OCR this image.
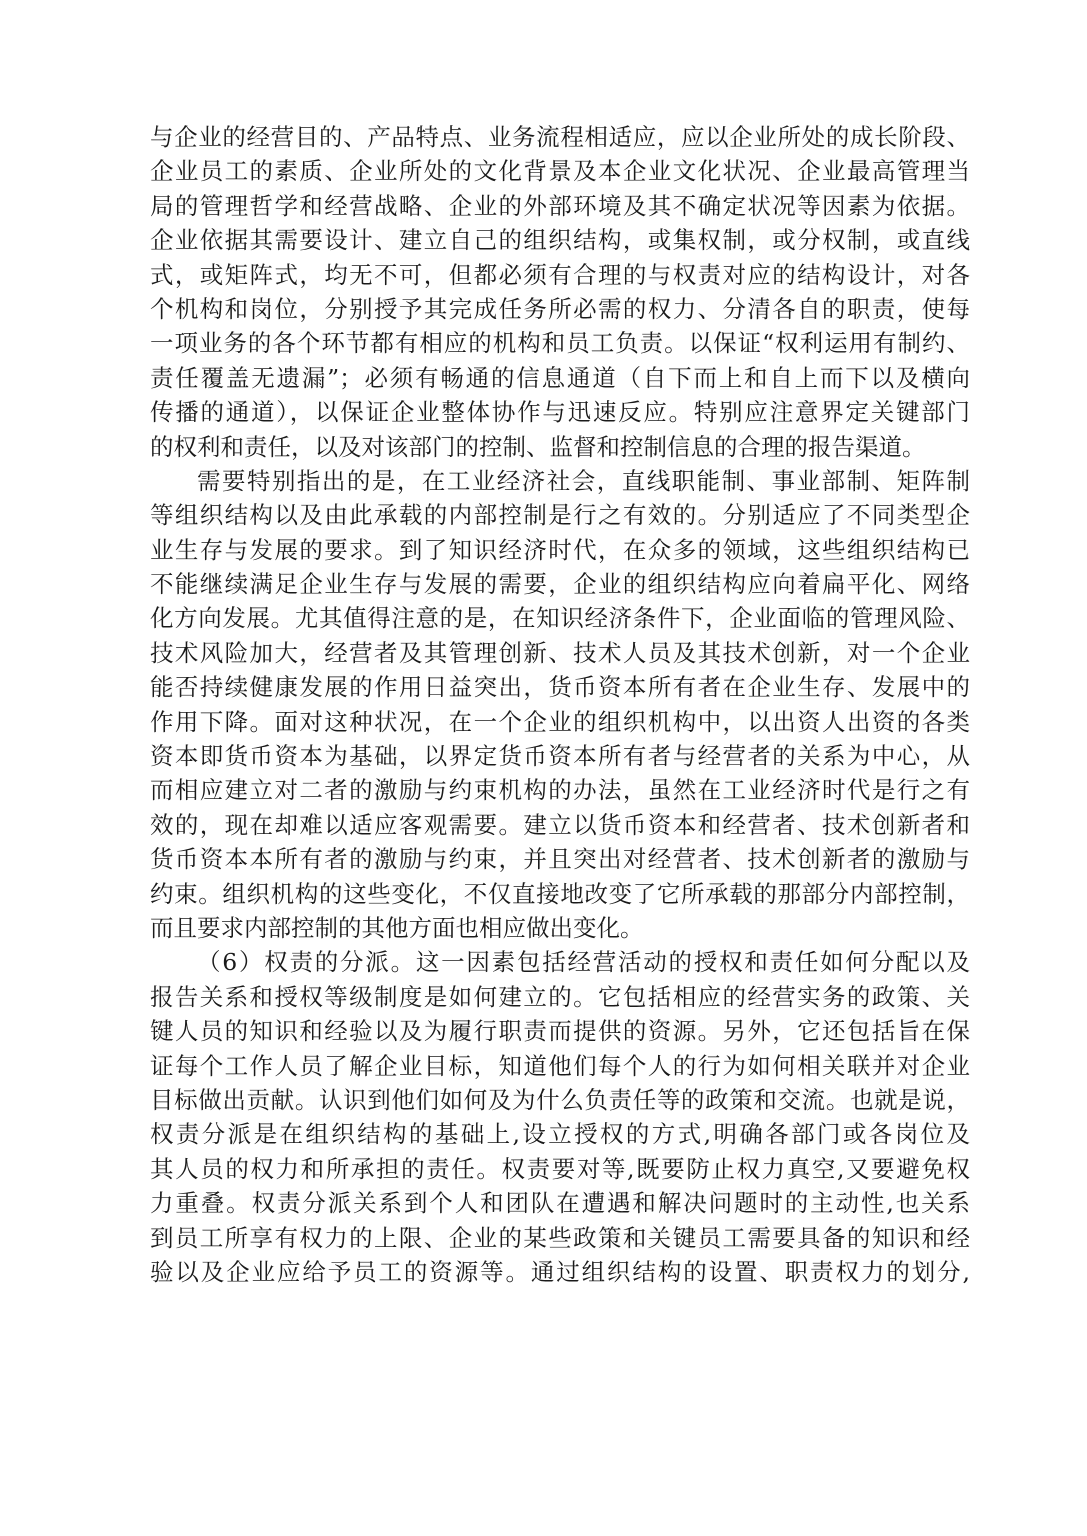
与企业的经营目的、产品特点、业务流程相适应，应以企业所处的成长阶段、
企业员工的素质、企业所处的文化背景及本企业文化状况、企业最高管理当
局的管理哲学和经营战略、企业的外部环境及其不确定状况等因素为依据。
企业依据其需要设计、建立自己的组织结构，或集权制，或分权制，或直线
式，或矩阵式，均无不可，但都必须有合理的与权责对应的结构设计，对各
个机构和岗位，分别授予其完成任务所必需的权力、分清各自的职责，使每
一项业务的各个环节都有相应的机构和员工负责。以保证“权利运用有制约、
责任覆盖无遗漏”；必须有畅通的信息通道（自下而上和自上而下以及横向
传播的通道），以保证企业整体协作与迅速反应。特别应注意界定关键部门
的权利和责任，以及对该部门的控制、监督和控制信息的合理的报告渠道。
需要特别指出的是，在工业经济社会，直线职能制、事业部制、矩阵制
等组织结构以及由此承载的内部控制是行之有效的。分别适应了不同类型企
业生存与发展的要求。到了知识经济时代，在众多的领域，这些组织结构已
不能继续满足企业生存与发展的需要，企业的组织结构应向着扁平化、网络
化方向发展。尤其值得注意的是，在知识经济条件下，企业面临的管理风险、
技术风险加大，经营者及其管理创新、技术人员及其技术创新，对一个企业
能否持续健康发展的作用日益突出，货币资本所有者在企业生存、发展中的
作用下降。面对这种状况，在一个企业的组织机构中，以出资人出资的各类
资本即货币资本为基础，以界定货币资本所有者与经营者的关系为中心，从
而相应建立对二者的激励与约束机构的办法，虽然在工业经济时代是行之有
效的，现在却难以适应客观需要。建立以货币资本和经营者、技术创新者和
货币资本本所有者的激励与约束，并且突出对经营者、技术创新者的激励与
约束。组织机构的这些变化，不仅直接地改变了它所承载的那部分内部控制，
而且要求内部控制的其他方面也相应做出变化。
（6）权责的分派。这一因素包括经营活动的授权和责任如何分配以及
报告关系和授权等级制度是如何建立的。它包括相应的经营实务的政策、关
键人员的知识和经验以及为履行职责而提供的资源。另外，它还包括旨在保
证每个工作人员了解企业目标，知道他们每个人的行为如何相关联并对企业
目标做出贡献。认识到他们如何及为什么负责任等的政策和交流。也就是说，
权责分派是在组织结构的基础上,设立授权的方式,明确各部门或各岗位及
其人员的权力和所承担的责任。权责要对等,既要防止权力真空,又要避免权
力重叠。权责分派关系到个人和团队在遭遇和解决问题时的主动性,也关系
到员工所享有权力的上限、企业的某些政策和关键员工需要具备的知识和经
验以及企业应给予员工的资源等。通过组织结构的设置、职责权力的划分,
